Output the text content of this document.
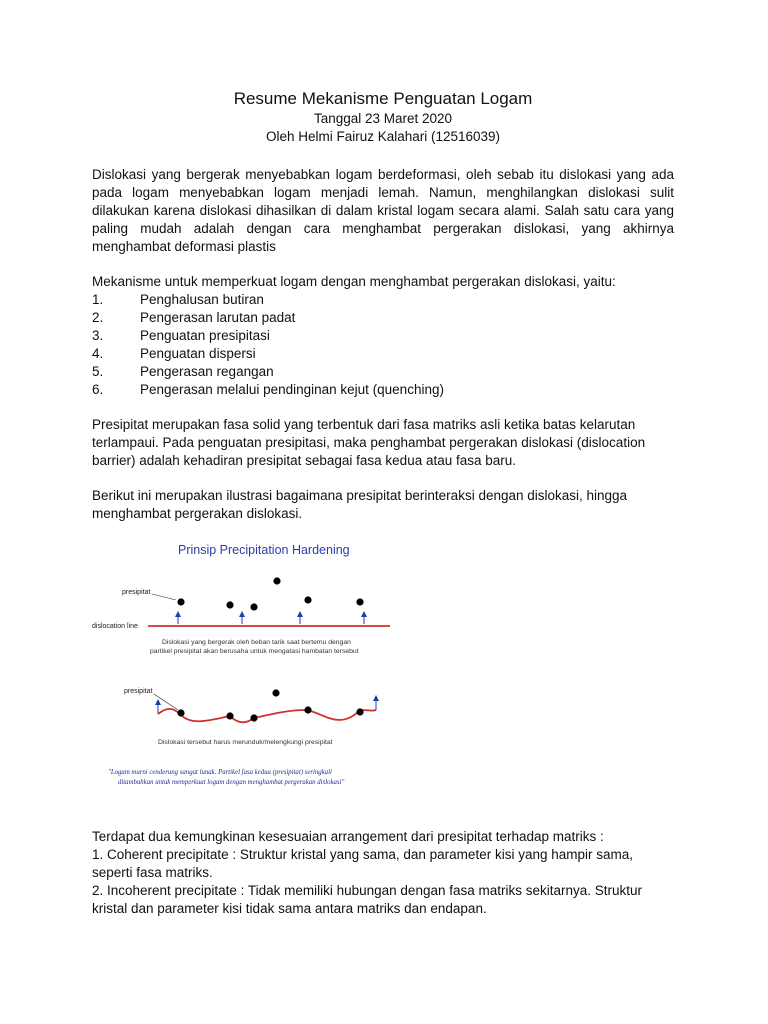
Resume Mekanisme Penguatan Logam

Tanggal 23 Maret 2020

Oleh Helmi Fairuz Kalahari (12516039)

Dislokasi yang bergerak menyebabkan logam berdeformasi, oleh sebab itu dislokasi yang ada pada logam menyebabkan logam menjadi lemah. Namun, menghilangkan dislokasi sulit dilakukan karena dislokasi dihasilkan di dalam kristal logam secara alami. Salah satu cara yang paling mudah adalah dengan cara menghambat pergerakan dislokasi, yang akhirnya menghambat deformasi plastis

Mekanisme untuk memperkuat logam dengan menghambat pergerakan dislokasi, yaitu:

1.	Penghalusan butiran
2.	Pengerasan larutan padat
3.	Penguatan presipitasi
4.	Penguatan dispersi
5.	Pengerasan regangan
6.	Pengerasan melalui pendinginan kejut (quenching)

Presipitat merupakan fasa solid yang terbentuk dari fasa matriks asli ketika batas kelarutan terlampaui. Pada penguatan presipitasi, maka penghambat pergerakan dislokasi (dislocation barrier) adalah kehadiran presipitat sebagai fasa kedua atau fasa baru.

Berikut ini merupakan ilustrasi bagaimana presipitat berinteraksi dengan dislokasi, hingga menghambat pergerakan dislokasi.

Prinsip Precipitation Hardening
presipitat
dislocation line
Dislokasi yang bergerak oleh beban tarik saat bertemu dengan
partikel presipitat akan berusaha untuk mengatasi hambatan tersebut
presipitat
Dislokasi tersebut harus merunduk/melengkungi presipitat
"Logam murni cenderung sangat lunak. Partikel fasa kedua (presipitat) seringkali
ditambahkan untuk memperkuat logam dengan menghambat pergerakan dislokasi"

Terdapat dua kemungkinan kesesuaian arrangement dari presipitat terhadap matriks :

1. Coherent precipitate : Struktur kristal yang sama, dan parameter kisi yang hampir sama, seperti fasa matriks.

2. Incoherent precipitate : Tidak memiliki hubungan dengan fasa matriks sekitarnya. Struktur kristal dan parameter kisi tidak sama antara matriks dan endapan.
